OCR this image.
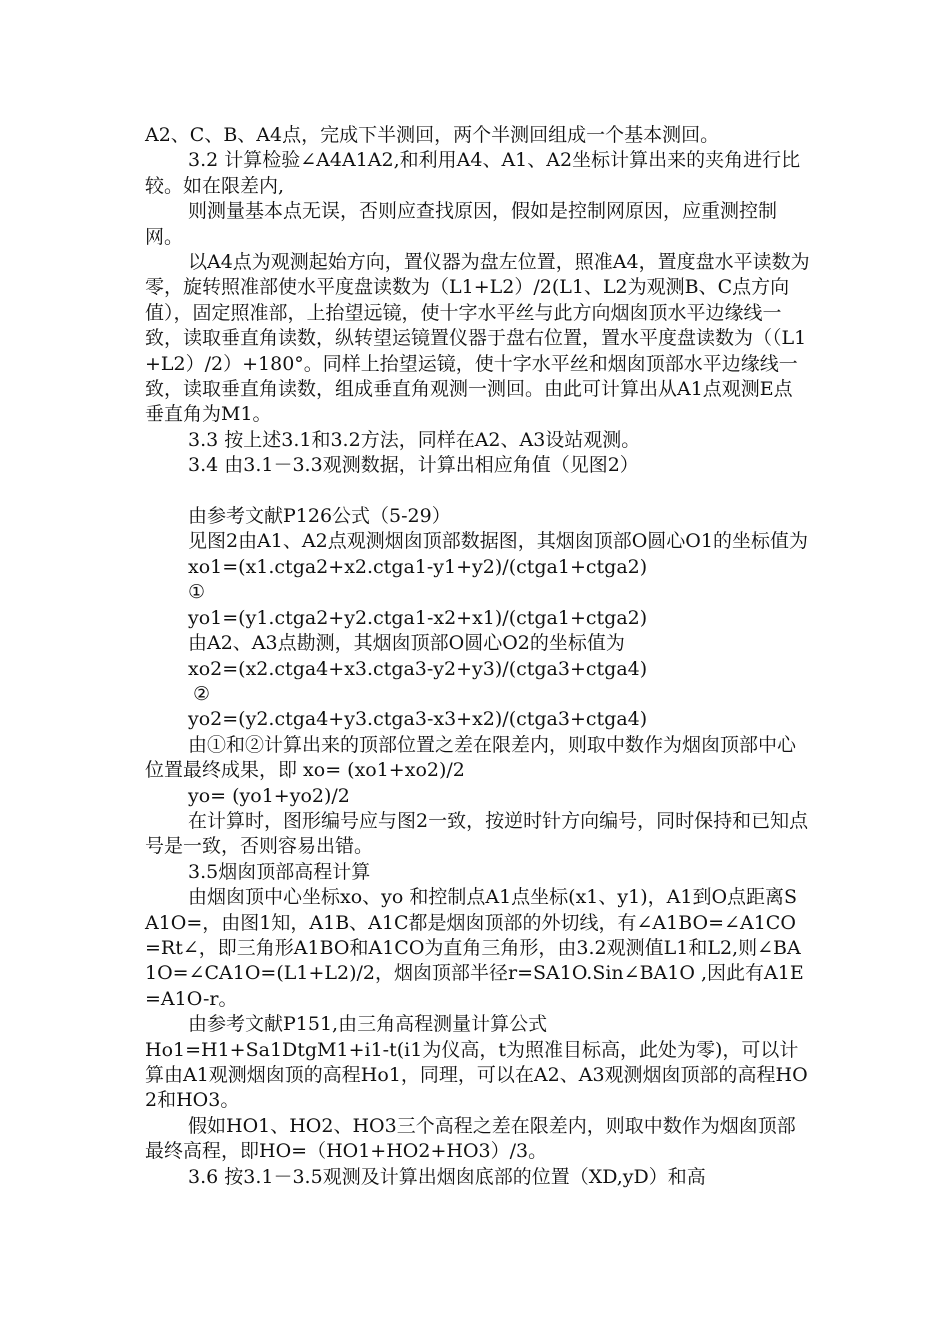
A2、C、B、A4点，完成下半测回，两个半测回组成一个基本测回。

3.2 计算检验∠A4A1A2,和利用A4、A1、A2坐标计算出来的夹角进行比较。如在限差内,

则测量基本点无误，否则应查找原因，假如是控制网原因，应重测控制网。

以A4点为观测起始方向，置仪器为盘左位置，照准A4，置度盘水平读数为零，旋转照准部使水平度盘读数为（L1+L2）/2(L1、L2为观测B、C点方向值），固定照准部，上抬望远镜，使十字水平丝与此方向烟囱顶水平边缘线一致，读取垂直角读数，纵转望运镜置仪器于盘右位置，置水平度盘读数为（（L1+L2）/2）+180°。同样上抬望运镜，使十字水平丝和烟囱顶部水平边缘线一致，读取垂直角读数，组成垂直角观测一测回。由此可计算出从A1点观测E点垂直角为M1。

3.3 按上述3.1和3.2方法，同样在A2、A3设站观测。

3.4 由3.1－3.3观测数据，计算出相应角值（见图2）

由参考文献P126公式（5-29）

见图2由A1、A2点观测烟囱顶部数据图，其烟囱顶部O圆心O1的坐标值为

xo1=(x1.ctga2+x2.ctga1-y1+y2)/(ctga1+ctga2)

①

yo1=(y1.ctga2+y2.ctga1-x2+x1)/(ctga1+ctga2)

由A2、A3点勘测，其烟囱顶部O圆心O2的坐标值为

xo2=(x2.ctga4+x3.ctga3-y2+y3)/(ctga3+ctga4)

②

yo2=(y2.ctga4+y3.ctga3-x3+x2)/(ctga3+ctga4)

由①和②计算出来的顶部位置之差在限差内，则取中数作为烟囱顶部中心位置最终成果，即 xo= (xo1+xo2)/2

yo= (yo1+yo2)/2

在计算时，图形编号应与图2一致，按逆时针方向编号，同时保持和已知点号是一致，否则容易出错。

3.5烟囱顶部高程计算

由烟囱顶中心坐标xo、yo 和控制点A1点坐标(x1、y1)，A1到O点距离SA1O=，由图1知，A1B、A1C都是烟囱顶部的外切线，有∠A1BO=∠A1CO=Rt∠，即三角形A1BO和A1CO为直角三角形，由3.2观测值L1和L2,则∠BA1O=∠CA1O=(L1+L2)/2，烟囱顶部半径r=SA1O.Sin∠BA1O ,因此有A1E=A1O-r。

由参考文献P151,由三角高程测量计算公式

Ho1=H1+Sa1DtgM1+i1-t(i1为仪高，t为照准目标高，此处为零)，可以计算由A1观测烟囱顶的高程Ho1，同理，可以在A2、A3观测烟囱顶部的高程HO2和HO3。

假如HO1、HO2、HO3三个高程之差在限差内，则取中数作为烟囱顶部最终高程，即HO=（HO1+HO2+HO3）/3。

3.6 按3.1－3.5观测及计算出烟囱底部的位置（XD,yD）和高
